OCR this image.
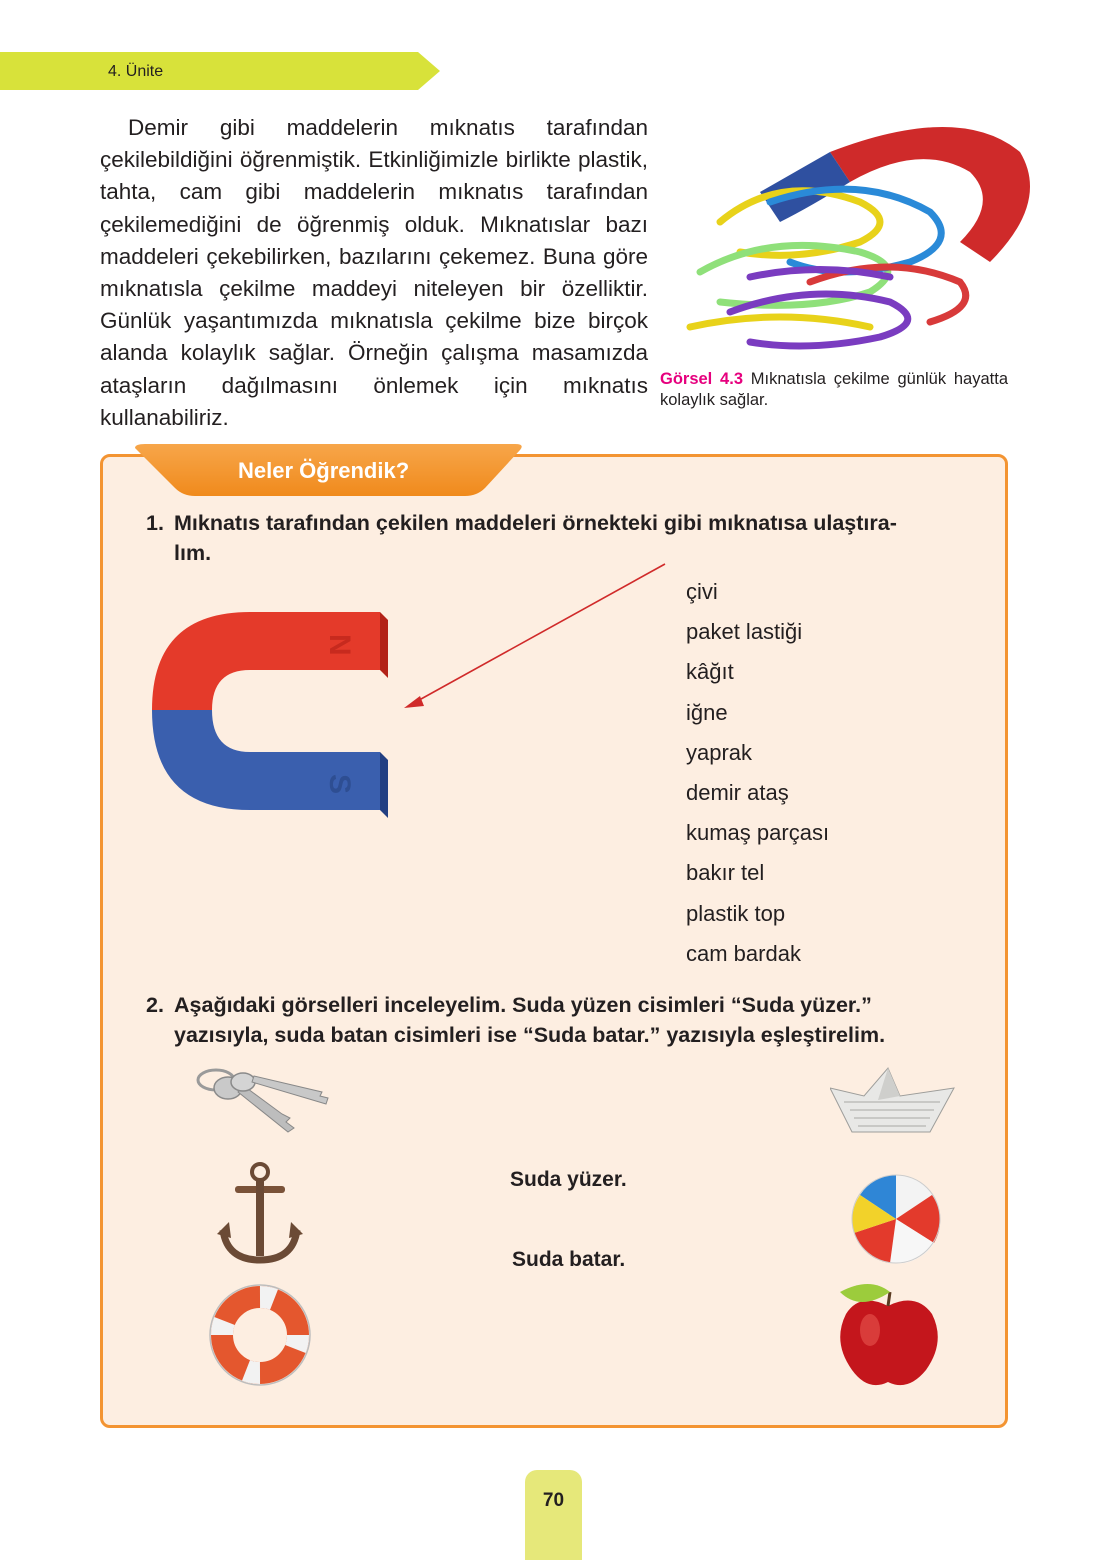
4. Ünite

Demir gibi maddelerin mıknatıs tarafından çekilebildiğini öğrenmiştik. Etkinliğimizle birlikte plastik, tahta, cam gibi maddelerin mıknatıs tarafından çekilemediğini de öğrenmiş olduk. Mıknatıslar bazı maddeleri çekebilirken, bazılarını çekemez. Buna göre mıknatısla çekilme maddeyi niteleyen bir özelliktir. Günlük yaşantımızda mıknatısla çekilme bize birçok alanda kolaylık sağlar. Örneğin çalışma masamızda ataşların dağılmasını önlemek için mıknatıs kullanabiliriz.

Görsel 4.3 Mıknatısla çekilme günlük hayatta kolaylık sağlar.
Neler Öğrendik?

1. Mıknatıs tarafından çekilen maddeleri örnekteki gibi mıknatısa ulaştıra-
lım.

N
S
çivi
paket lastiği
kâğıt
iğne
yaprak
demir ataş
kumaş parçası
bakır tel
plastik top
cam bardak

2. Aşağıdaki görselleri inceleyelim. Suda yüzen cisimleri “Suda yüzer.”
yazısıyla, suda batan cisimleri ise “Suda batar.” yazısıyla eşleştirelim.

Suda yüzer.
Suda batar.
70
